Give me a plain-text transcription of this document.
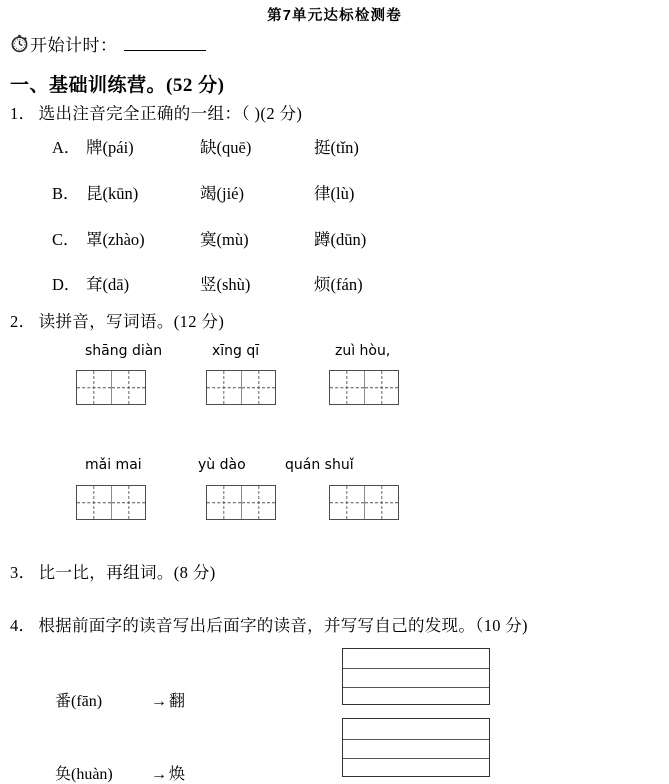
第7单元达标检测卷
开始计时：
一、基础训练营。(52 分)
1． 选出注音完全正确的一组：（ )(2 分)
A． 牌(pái)	缺(quē)	挺(tǐn)
B． 昆(kūn)	竭(jié)	律(lù)
C． 罩(zhào)	寞(mù)	蹲(dūn)
D． 耷(dā)	竖(shù)	烦(fán)
2． 读拼音，写词语。(12 分)
shāng diàn	xīng qī	zuì hòu,
mǎi mai	yù dào	quán shuǐ
3． 比一比，再组词。(8 分)
4． 根据前面字的读音写出后面字的读音，并写写自己的发现。（10 分)
番(fān)	→ 翻
奂(huàn)	→ 焕
